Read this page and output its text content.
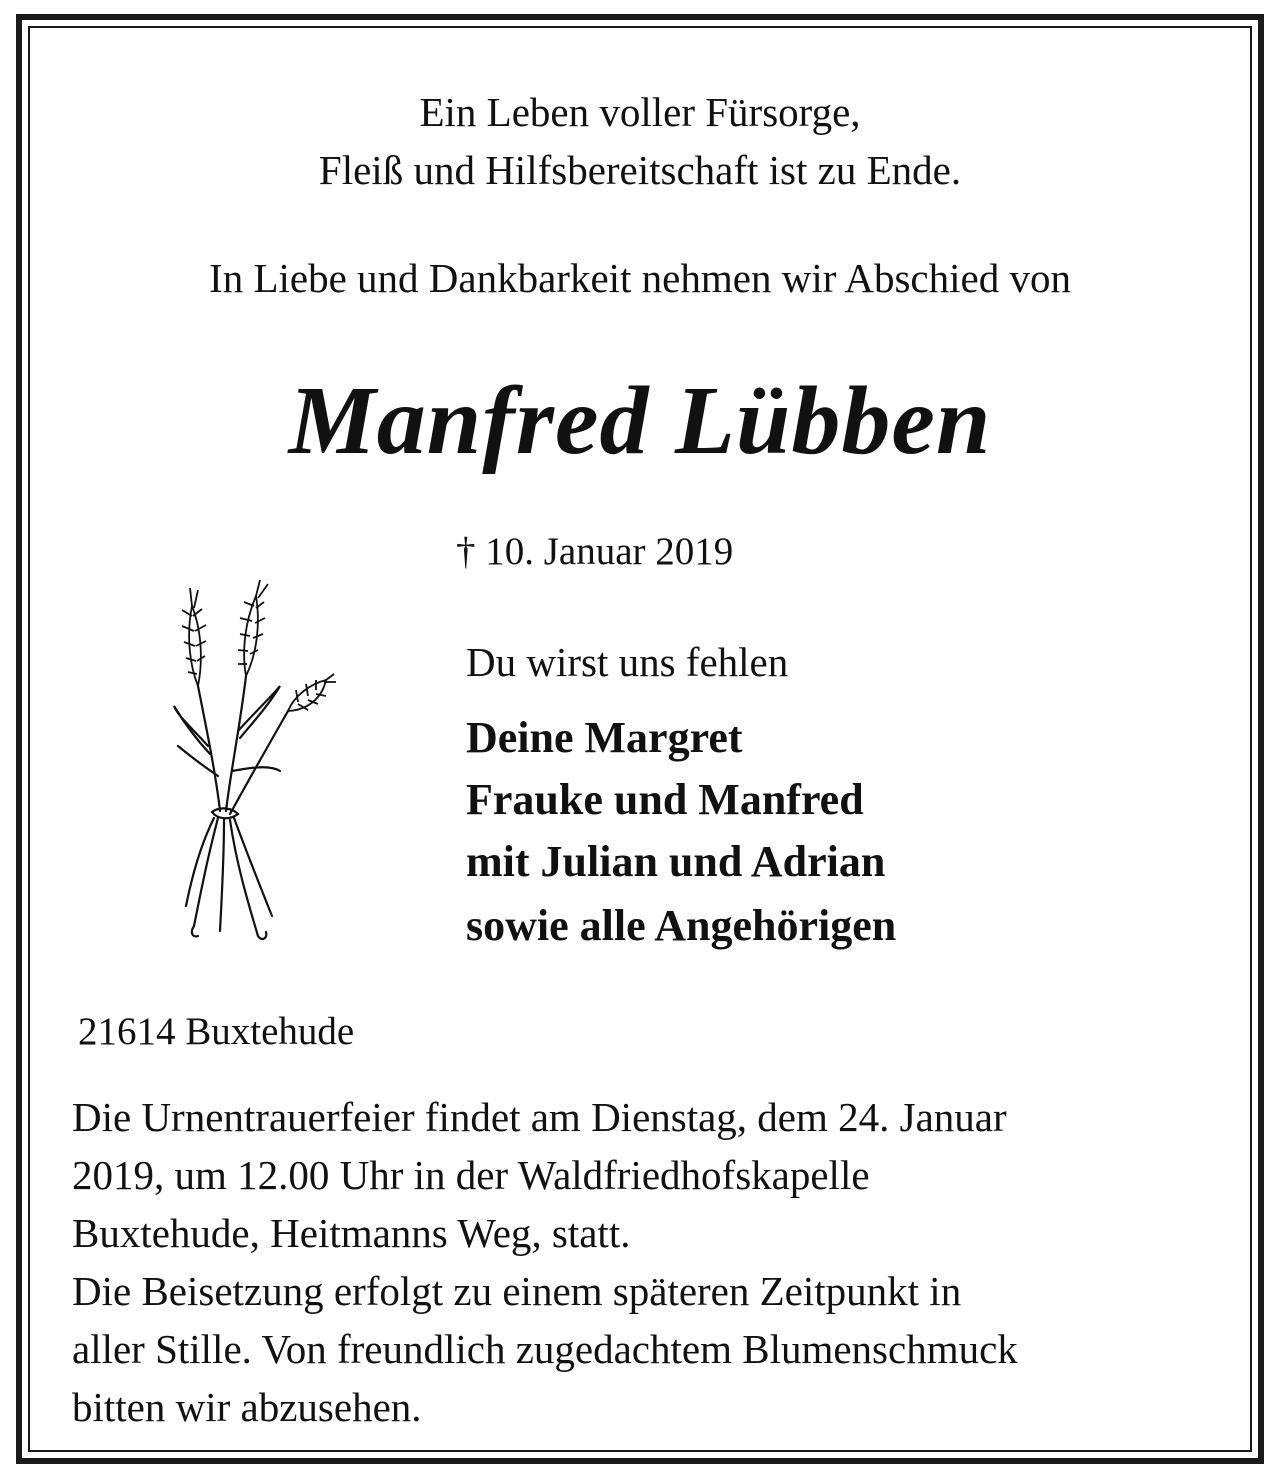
Ein Leben voller Fürsorge,

Fleiß und Hilfsbereitschaft ist zu Ende.

In Liebe und Dankbarkeit nehmen wir Abschied von

Manfred Lübben

† 10. Januar 2019

Du wirst uns fehlen

Deine Margret

Frauke und Manfred

mit Julian und Adrian

sowie alle Angehörigen

21614 Buxtehude

Die Urnentrauerfeier findet am Dienstag, dem 24. Januar

2019, um 12.00 Uhr in der Waldfriedhofskapelle

Buxtehude, Heitmanns Weg, statt.

Die Beisetzung erfolgt zu einem späteren Zeitpunkt in

aller Stille. Von freundlich zugedachtem Blumenschmuck

bitten wir abzusehen.
